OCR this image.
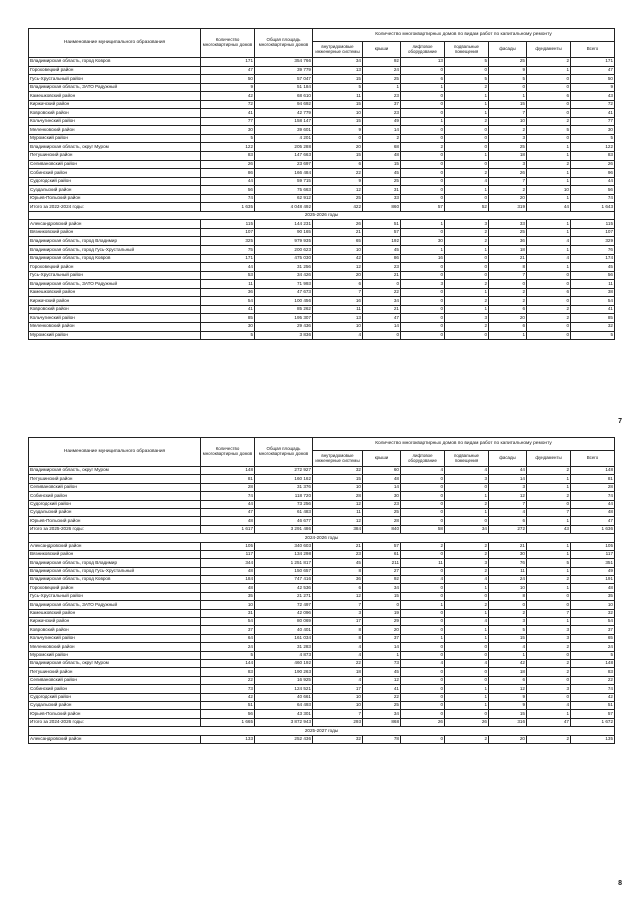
Наименование муниципального образования	Количество многоквартирных домов	Общая площадь многоквартирных домов	Количество многоквартирных домов по видам работ по капитальному ремонту						
			внутридомовые инженерные системы	крыши	лифтовое оборудование	подвальные помещения	фасады	фундаменты	Всего
Владимирская область, город Ковров	171	354 766	34	92	13	5	25	2	171
Гороховецкий район	47	39 779	13	24	0	0	9	1	47
Гусь-Хрустальный район	50	57 047	15	25	6	5	5	0	50
Владимирская область, ЗАТО Радужный	9	51 184	5	1	1	2	0	0	9
Камешковский район	42	68 610	11	23	0	1	1	6	43
Киржачский район	72	94 692	15	37	0	1	15	0	72
Ковровский район	41	42 779	10	23	0	1	7	0	41
Кольчугинский район	77	158 147	15	49	1	2	10	2	77
Меленковский район	30	39 601	9	14	0	0	2	5	30
Муромский район	5	4 201	0	2	0	0	3	0	5
Владимирская область, округ Муром	122	205 288	20	68	2	0	25	1	122
Петушинский район	83	147 663	15	48	0	1	18	1	83
Селивановский район	26	23 697	6	15	0	0	3	2	26
Собинский район	86	166 484	22	45	0	2	26	1	96
Судогодский район	44	59 715	9	25	0	4	7	1	44
Суздальский район	56	75 663	12	31	0	1	2	10	56
Юрьев-Польский район	74	62 912	25	33	0	0	20	1	74
Итого за 2022-2024 годы:	1 635	4 048 492	422	860	57	52	319	44	1 643
2025-2026 годы									
Александровский район	115	144 231	26	51	1	3	33	1	115
Вязниковский район	107	90 165	21	57	0	2	25	1	107
Владимирская область, город Владимир	325	979 935	65	192	30	2	36	4	329
Владимирская область, город Гусь-Хрустальный	75	200 623	10	45	1	1	18	1	76
Владимирская область, город Ковров	171	475 030	42	86	16	0	21	4	174
Гороховецкий район	44	31 256	12	23	0	0	8	1	45
Гусь-Хрустальный район	53	34 426	20	21	0	0	7	0	56
Владимирская область, ЗАТО Радужный	11	71 993	6	0	3	2	0	0	11
Камешковский район	36	47 673	7	22	0	1	2	6	38
Киржачский район	54	100 456	16	34	0	2	2	0	54
Ковровский район	41	85 262	11	21	0	1	6	2	41
Кольчугинский район	85	195 307	13	47	0	3	20	2	85
Меленковский район	30	29 436	10	14	0	2	6	0	32
Муромский район	5	3 836	4	0	0	0	1	0	5
7
Наименование муниципального образования	Количество многоквартирных домов	Общая площадь многоквартирных домов	Количество многоквартирных домов по видам работ по капитальному ремонту						
			внутридомовые инженерные системы	крыши	лифтовое оборудование	подвальные помещения	фасады	фундаменты	Всего
Владимирская область, округ Муром	148	272 927	32	60	4	4	44	2	148
Петушинский район	81	160 162	15	48	0	3	14	1	81
Селивановский район	28	31 376	10	14	0	0	3	1	28
Собинский район	74	118 720	28	30	0	1	12	2	74
Судогодский район	44	73 256	12	23	0	2	7	0	44
Суздальский район	47	61 483	11	25	0	1	4	7	48
Юрьев-Польский район	48	46 677	12	28	0	0	6	1	47
Итого за 2025-2026 годы:	1 617	3 291 486	384	840	58	34	272	43	1 636
2024-2026 годы									
Александровский район	105	340 603	21	57	2	2	21	1	105
Вязниковский район	117	134 298	23	61	0	2	30	1	117
Владимирская область, город Владимир	344	1 251 817	45	211	11	3	76	5	351
Владимирская область, город Гусь-Хрустальный	48	150 657	8	27	0	2	11	1	49
Владимирская область, город Ковров	184	747 416	36	92	4	4	24	2	191
Гороховецкий район	48	42 536	6	34	0	1	10	1	48
Гусь-Хрустальный район	35	21 271	12	15	0	0	8	0	35
Владимирская область, ЗАТО Радужный	10	72 497	7	0	1	2	0	0	10
Камешковский район	31	42 096	3	19	0	1	2	7	32
Киржачский район	54	80 069	17	29	0	4	3	1	54
Ковровский район	37	40 401	8	20	0	1	5	3	37
Кольчугинский район	64	161 034	8	37	1	1	15	3	65
Меленковский район	24	31 283	4	14	0	0	4	2	24
Муромский район	5	4 873	4	1	0	0	1	0	5
Владимирская область, округ Муром	144	460 192	22	73	4	4	42	2	148
Петушинский район	83	190 263	18	45	0	0	18	2	83
Селивановский район	22	16 925	4	12	0	0	6	0	22
Собинский район	73	124 521	17	41	0	1	12	3	74
Судогодский район	42	40 661	10	22	0	1	9	0	42
Суздальский район	51	64 493	10	25	0	1	9	4	51
Юрьев-Польский район	56	43 301	7	34	0	0	15	1	57
Итого за 2024-2026 годы:	1 665	3 872 943	293	868	26	26	316	47	1 672
2025-2027 годы									
Александровский район	133	252 436	32	78	0	2	20	2	135
8
